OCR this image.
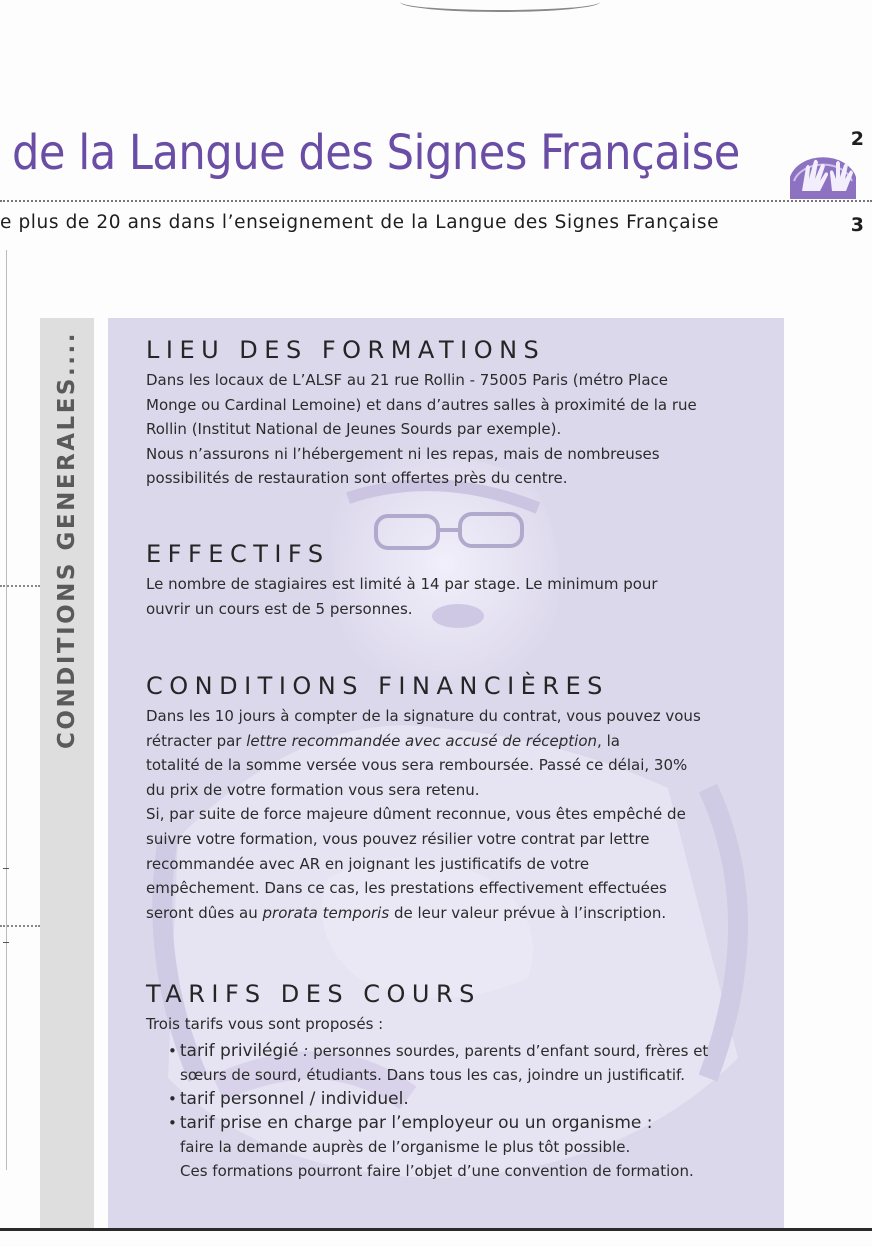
2
de la Langue des Signes Française
e plus de 20 ans dans l’enseignement de la Langue des Signes Française	3
CONDITIONS GENERALES....	LIEU DES FORMATIONS

Dans les locaux de L’ALSF au 21 rue Rollin - 75005 Paris (métro Place
Monge ou Cardinal Lemoine) et dans d’autres salles à proximité de la rue
Rollin (Institut National de Jeunes Sourds par exemple).
Nous n’assurons ni l’hébergement ni les repas, mais de nombreuses
possibilités de restauration sont offertes près du centre.

EFFECTIFS

Le nombre de stagiaires est limité à 14 par stage. Le minimum pour
ouvrir un cours est de 5 personnes.

CONDITIONS FINANCIÈRES

Dans les 10 jours à compter de la signature du contrat, vous pouvez vous
rétracter par lettre recommandée avec accusé de réception, la
totalité de la somme versée vous sera remboursée. Passé ce délai, 30%
du prix de votre formation vous sera retenu.
Si, par suite de force majeure dûment reconnue, vous êtes empêché de
suivre votre formation, vous pouvez résilier votre contrat par lettre
recommandée avec AR en joignant les justificatifs de votre
empêchement. Dans ce cas, les prestations effectivement effectuées
seront dûes au prorata temporis de leur valeur prévue à l’inscription.

TARIFS DES COURS

Trois tarifs vous sont proposés :

• tarif privilégié : personnes sourdes, parents d’enfant sourd, frères et
sœurs de sourd, étudiants. Dans tous les cas, joindre un justificatif.
• tarif personnel / individuel.
• tarif prise en charge par l’employeur ou un organisme :
faire la demande auprès de l’organisme le plus tôt possible.
Ces formations pourront faire l’objet d’une convention de formation.
